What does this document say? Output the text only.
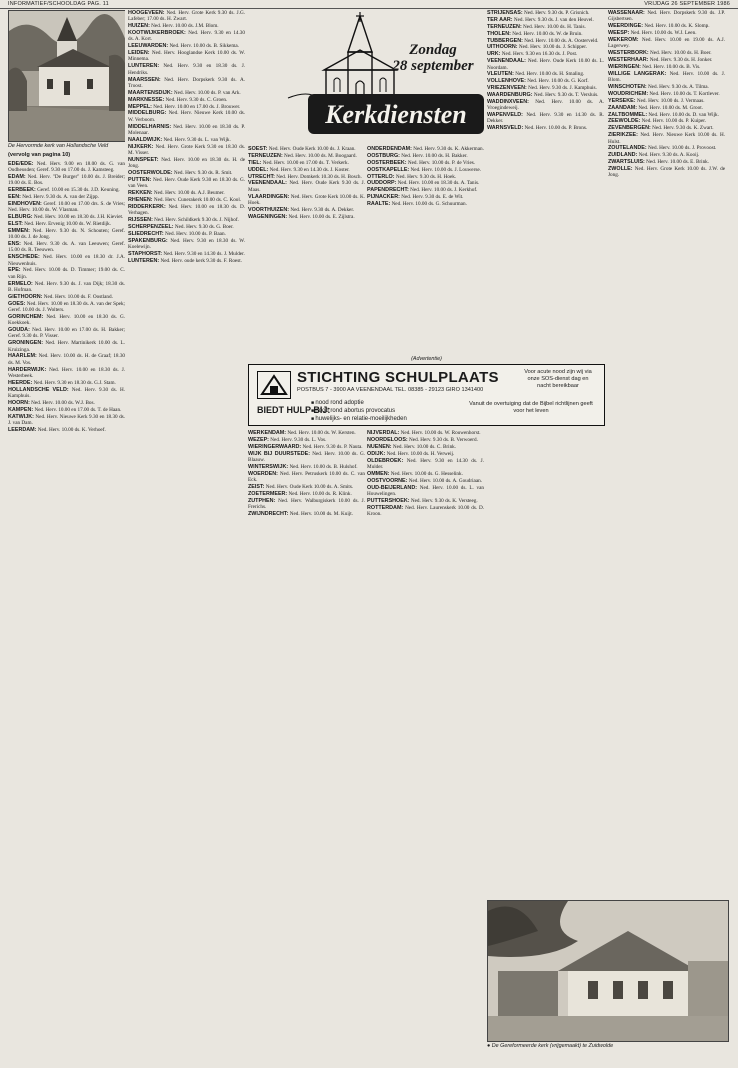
INFORMATIEF/SCHOOLDAG PAG. 11	VRIJDAG 26 SEPTEMBER 1986
De Hervormde kerk van Hollandsche Veld
(vervolg van pagina 10)

EDE/EDE: Ned. Herv. 9.00 en 18.00 ds. G. van Oudheusden; Geref. 9.30 en 17.00 ds. J. Kamsteeg.

EDAM: Ned. Herv. "De Burger" 10.00 ds. J. Breider; 19.00 ds. E. Bos.

EERBEEK: Geref. 10.00 en 15.30 ds. J.D. Keuning.

EEN: Ned. Herv. 9.30 ds. A. van der Zijpp.

EINDHOVEN: Geref. 10.00 en 17.00 drs. S. de Vries; Ned. Herv. 10.00 ds. W. Vlasman.

ELBURG: Ned. Herv. 10.00 en 18.30 ds. J.H. Kieviet.

ELST: Ned. Herv. Ervenig 10.00 ds. W. Rietdijk.

EMMEN: Ned. Herv. 9.30 ds. N. Schouten; Geref. 10.00 ds. J. de Jong.

ENS: Ned. Herv. 9.30 ds. A. van Leeuwen; Geref. 15.00 ds. R. Teeuwen.

ENSCHEDE: Ned. Herv. 10.00 en 18.30 dr. J.A. Nieuwenhuis.

EPE: Ned. Herv. 10.00 ds. D. Timmer; 19.00 ds. C. van Rijn.

ERMELO: Ned. Herv. 9.30 ds. J. van Dijk; 18.30 ds. B. Hofman.

GIETHOORN: Ned. Herv. 10.00 ds. F. Oostland.

GOES: Ned. Herv. 10.00 en 18.30 ds. A. van der Spek; Geref. 10.00 ds. J. Wolters.

GORINCHEM: Ned. Herv. 10.00 en 18.30 ds. G. Koekkoek.

GOUDA: Ned. Herv. 10.00 en 17.00 ds. H. Bakker; Geref. 9.30 ds. P. Visser.

GRONINGEN: Ned. Herv. Martinikerk 10.00 ds. L. Kruizinga.

HAARLEM: Ned. Herv. 10.00 ds. H. de Graaf; 18.30 ds. M. Vos.

HARDERWIJK: Ned. Herv. 10.00 en 18.30 ds. J. Westerbeek.

HEERDE: Ned. Herv. 9.30 en 18.30 ds. G.J. Stam.

HOLLANDSCHE VELD: Ned. Herv. 9.30 ds. H. Kamphuis.

HOORN: Ned. Herv. 10.00 ds. W.J. Bos.

KAMPEN: Ned. Herv. 10.00 en 17.00 ds. T. de Haan.

KATWIJK: Ned. Herv. Nieuwe Kerk 9.30 en 18.30 ds. J. van Dam.

LEERDAM: Ned. Herv. 10.00 ds. K. Verhoef.

HOOGEVEEN: Ned. Herv. Grote Kerk 9.30 ds. J.G. Lafeber; 17.00 ds. H. Zwart.

HUIZEN: Ned. Herv. 10.00 ds. J.M. Blom.

KOOTWIJKERBROEK: Ned. Herv. 9.30 en 14.30 ds. A. Kort.

LEEUWARDEN: Ned. Herv. 10.00 ds. B. Sikkema.

LEIDEN: Ned. Herv. Hooglandse Kerk 10.00 ds. W. Minnema.

LUNTEREN: Ned. Herv. 9.30 en 18.30 ds. J. Hendriks.

MAARSSEN: Ned. Herv. Dorpskerk 9.30 ds. A. Troost.

MAARTENSDIJK: Ned. Herv. 10.00 ds. P. van Ark.

MARKNESSE: Ned. Herv. 9.30 ds. C. Groen.

MEPPEL: Ned. Herv. 10.00 en 17.00 ds. J. Brouwer.

MIDDELBURG: Ned. Herv. Nieuwe Kerk 10.00 ds. W. Verboom.

MIDDELHARNIS: Ned. Herv. 10.00 en 18.30 ds. P. Molenaar.

NAALDWIJK: Ned. Herv. 9.30 ds. L. van Wijk.

NIJKERK: Ned. Herv. Grote Kerk 9.30 en 18.30 ds. M. Visser.

NUNSPEET: Ned. Herv. 10.00 en 18.30 ds. H. de Jong.

OOSTERWOLDE: Ned. Herv. 9.30 ds. R. Smit.

PUTTEN: Ned. Herv. Oude Kerk 9.30 en 18.30 ds. G. van Veen.

REKKEN: Ned. Herv. 10.00 ds. A.J. Beumer.

RHENEN: Ned. Herv. Cunerakerk 10.00 ds. C. Kool.

RIDDERKERK: Ned. Herv. 10.00 en 18.30 ds. D. Verhagen.

RIJSSEN: Ned. Herv. Schildkerk 9.30 ds. J. Nijhof.

SCHERPENZEEL: Ned. Herv. 9.30 ds. G. Boer.

SLIEDRECHT: Ned. Herv. 10.00 ds. P. Baan.

SPAKENBURG: Ned. Herv. 9.30 en 18.30 ds. W. Koelewijn.

STAPHORST: Ned. Herv. 9.30 en 14.30 ds. J. Mulder.

LUNTEREN: Ned. Herv. oude kerk 9.30 ds. F. Roest.

Zondag
28 september
Kerkdiensten

SOEST: Ned. Herv. Oude Kerk 10.00 ds. J. Kraan.

TERNEUZEN: Ned. Herv. 10.00 ds. M. Boogaard.

TIEL: Ned. Herv. 10.00 en 17.00 ds. T. Verkerk.

UDDEL: Ned. Herv. 9.30 en 14.30 ds. J. Koster.

UTRECHT: Ned. Herv. Domkerk 10.30 ds. H. Bosch.

VEENENDAAL: Ned. Herv. Oude Kerk 9.30 ds. J. Maas.

VLAARDINGEN: Ned. Herv. Grote Kerk 10.00 ds. K. Hoek.

VOORTHUIZEN: Ned. Herv. 9.30 ds. A. Dekker.

WAGENINGEN: Ned. Herv. 10.00 ds. E. Zijlstra.

ONDERDENDAM: Ned. Herv. 9.30 ds. K. Akkerman.

OOSTBURG: Ned. Herv. 10.00 ds. H. Bakker.

OOSTERBEEK: Ned. Herv. 10.00 ds. P. de Vries.

OOSTKAPELLE: Ned. Herv. 10.00 ds. J. Louwerse.

OTTERLO: Ned. Herv. 9.30 ds. H. Hoek.

OUDDORP: Ned. Herv. 10.00 en 18.30 ds. A. Tanis.

PAPENDRECHT: Ned. Herv. 10.00 ds. J. Kerkhof.

PIJNACKER: Ned. Herv. 9.30 ds. E. de Wit.

RAALTE: Ned. Herv. 10.00 ds. G. Schuurman.

(Advertentie)
STICHTING SCHULPLAATS
POSTBUS 7 - 3900 AA VEENENDAAL TEL. 08385 - 29123 GIRO 1341400
BIEDT HULP BIJ:
■ nood rond adoptie
■ nood rond abortus provocatus
■ huwelijks- en relatie-moeilijkheden
Voor acute nood zijn wij via onze SOS-dienst dag en nacht bereikbaar
Vanuit de overtuiging dat de Bijbel richtlijnen geeft voor het leven

WERKENDAM: Ned. Herv. 10.00 ds. W. Kersten.

WEZEP: Ned. Herv. 9.30 ds. L. Vos.

WIERINGERWAARD: Ned. Herv. 9.30 ds. P. Nauta.

WIJK BIJ DUURSTEDE: Ned. Herv. 10.00 ds. G. Blaauw.

WINTERSWIJK: Ned. Herv. 10.00 ds. B. Hulshof.

WOERDEN: Ned. Herv. Petruskerk 10.00 ds. C. van Eck.

ZEIST: Ned. Herv. Oude Kerk 10.00 ds. A. Smits.

ZOETERMEER: Ned. Herv. 10.00 ds. R. Klink.

ZUTPHEN: Ned. Herv. Walburgiskerk 10.00 ds. J. Frerichs.

ZWIJNDRECHT: Ned. Herv. 10.00 ds. M. Kuijt.

NIJVERDAL: Ned. Herv. 10.00 ds. W. Rouwenhorst.

NOORDELOOS: Ned. Herv. 9.30 ds. B. Verwoerd.

NUENEN: Ned. Herv. 10.00 ds. C. Brink.

ODIJK: Ned. Herv. 10.00 ds. H. Verweij.

OLDEBROEK: Ned. Herv. 9.30 en 14.30 ds. J. Mulder.

OMMEN: Ned. Herv. 10.00 ds. G. Hesselink.

OOSTVOORNE: Ned. Herv. 10.00 ds. A. Goudriaan.

OUD-BEIJERLAND: Ned. Herv. 10.00 ds. L. van Houwelingen.

PUTTERSHOEK: Ned. Herv. 9.30 ds. K. Versteeg.

ROTTERDAM: Ned. Herv. Laurenskerk 10.00 ds. D. Kroon.

STRIJENSAS: Ned. Herv. 9.30 ds. P. Grisnich.

TER AAR: Ned. Herv. 9.30 ds. J. van den Heuvel.

TERNEUZEN: Ned. Herv. 10.00 ds. H. Tanis.

THOLEN: Ned. Herv. 10.00 ds. W. de Bruin.

TUBBERGEN: Ned. Herv. 10.00 ds. A. Oosterveld.

UITHOORN: Ned. Herv. 10.00 ds. J. Schipper.

URK: Ned. Herv. 9.30 en 16.30 ds. J. Post.

VEENENDAAL: Ned. Herv. Oude Kerk 10.00 ds. L. Noordam.

VLEUTEN: Ned. Herv. 10.00 ds. H. Smaling.

VOLLENHOVE: Ned. Herv. 10.00 ds. G. Korf.

VRIEZENVEEN: Ned. Herv. 9.30 ds. J. Kamphuis.

WAARDENBURG: Ned. Herv. 9.30 ds. T. Versluis.

WADDINXVEEN: Ned. Herv. 10.00 ds. A. Vroegindeweij.

WAPENVELD: Ned. Herv. 9.30 en 14.30 ds. R. Dekker.

WARNSVELD: Ned. Herv. 10.00 ds. P. Brons.

WASSENAAR: Ned. Herv. Dorpskerk 9.30 ds. J.P. Gijsbertsen.

WEERDINGE: Ned. Herv. 10.00 ds. K. Slomp.

WEESP: Ned. Herv. 10.00 ds. W.J. Leen.

WEKEROM: Ned. Herv. 10.00 en 19.00 ds. A.J. Lagerwey.

WESTERBORK: Ned. Herv. 10.00 ds. H. Boer.

WESTERHAAR: Ned. Herv. 9.30 ds. H. Jonker.

WIERINGEN: Ned. Herv. 10.00 ds. B. Vis.

WILLIGE LANGERAK: Ned. Herv. 10.00 ds. J. Blom.

WINSCHOTEN: Ned. Herv. 9.30 ds. A. Tilma.

WOUDRICHEM: Ned. Herv. 10.00 ds. T. Kortlever.

YERSEKE: Ned. Herv. 10.00 ds. J. Vermaas.

ZAANDAM: Ned. Herv. 10.00 ds. M. Groot.

ZALTBOMMEL: Ned. Herv. 10.00 ds. D. van Wijk.

ZEEWOLDE: Ned. Herv. 10.00 ds. P. Kuiper.

ZEVENBERGEN: Ned. Herv. 9.30 ds. K. Zwart.

ZIERIKZEE: Ned. Herv. Nieuwe Kerk 10.00 ds. H. Hulst.

ZOUTELANDE: Ned. Herv. 10.00 ds. J. Provoost.

ZUIDLAND: Ned. Herv. 9.30 ds. A. Kooij.

ZWARTSLUIS: Ned. Herv. 10.00 ds. E. Brink.

ZWOLLE: Ned. Herv. Grote Kerk 10.00 ds. J.W. de Jong.

● De Gereformeerde kerk (vrijgemaakt) te Zuidwolde
